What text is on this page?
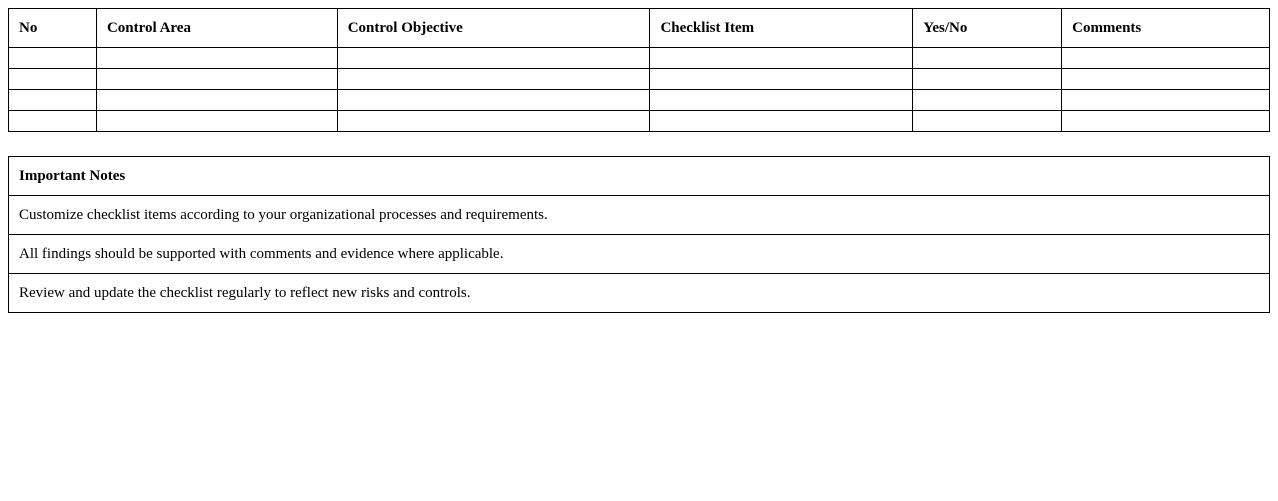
No	Control Area	Control Objective	Checklist Item	Yes/No	Comments

Important Notes
Customize checklist items according to your organizational processes and requirements.
All findings should be supported with comments and evidence where applicable.
Review and update the checklist regularly to reflect new risks and controls.
